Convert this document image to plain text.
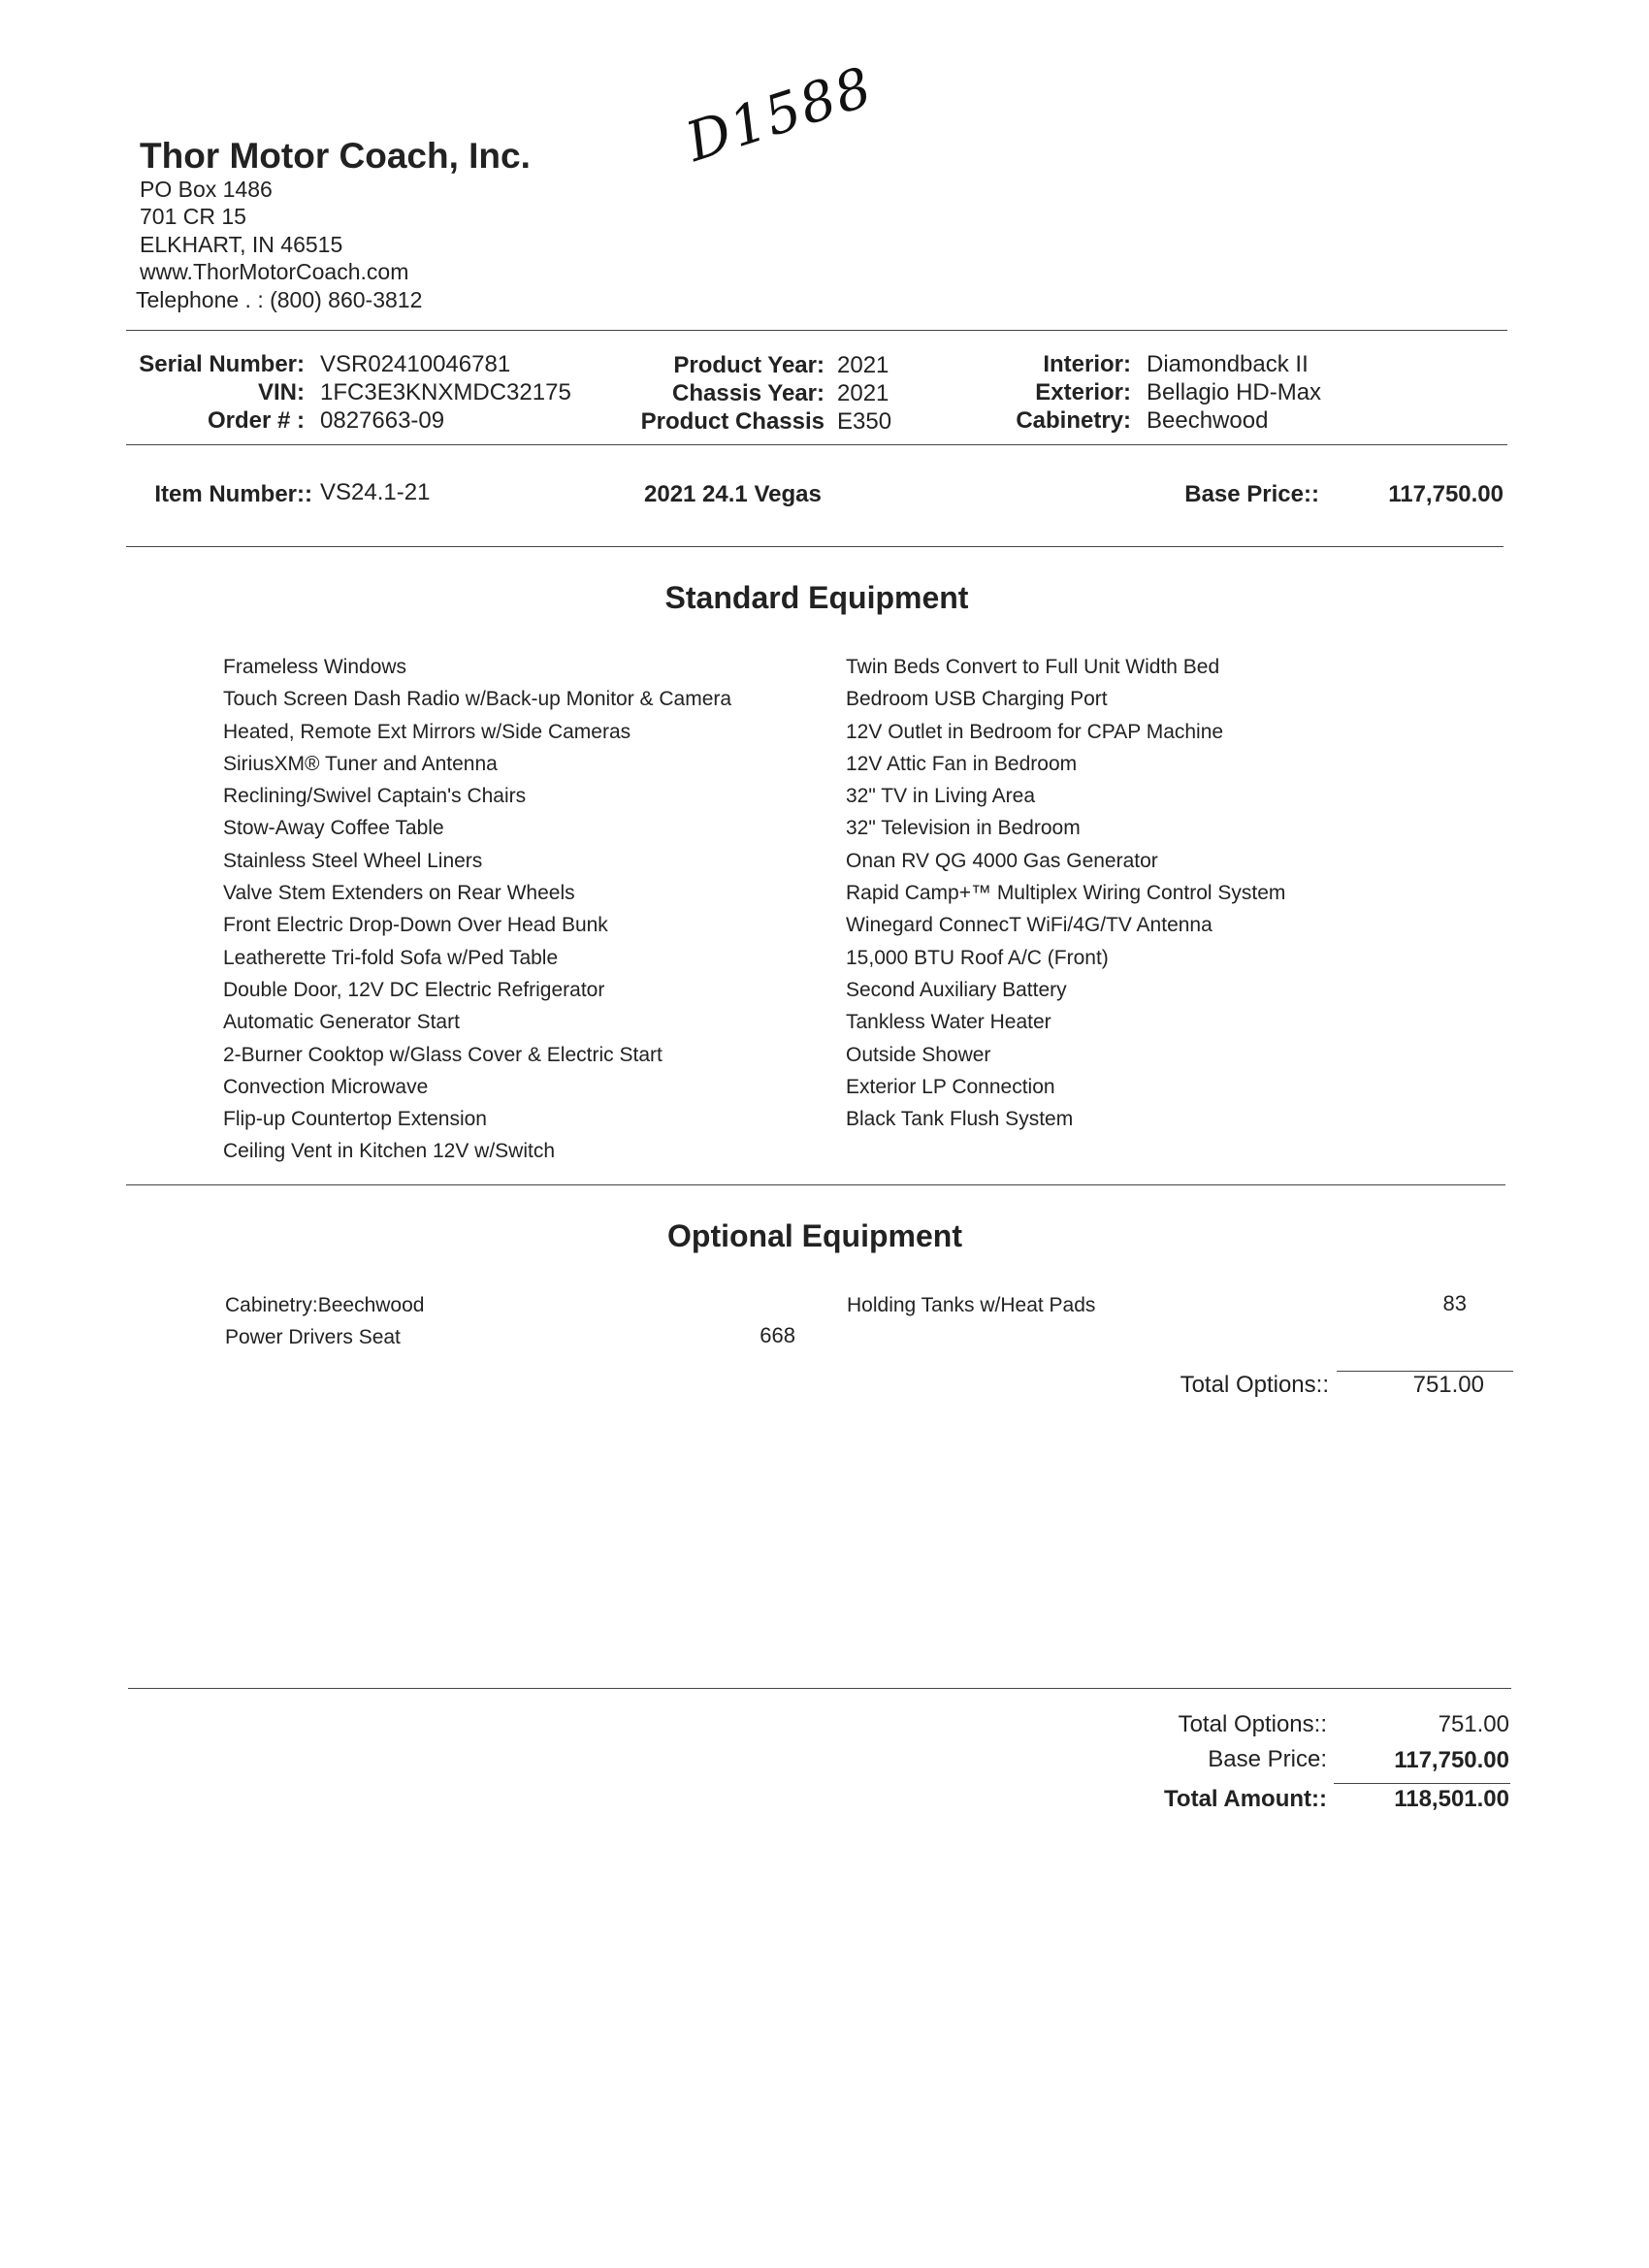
Thor Motor Coach, Inc.
PO Box 1486
701 CR 15
ELKHART, IN 46515
www.ThorMotorCoach.com
Telephone . : (800) 860-3812
D1588
Serial Number: VSR02410046781
VIN: 1FC3E3KNXMDC32175
Order # : 0827663-09
Product Year: 2021
Chassis Year: 2021
Product Chassis E350
Interior: Diamondback II
Exterior: Bellagio HD-Max
Cabinetry: Beechwood
Item Number:: VS24.1-21	2021 24.1 Vegas	Base Price::	117,750.00
Standard Equipment
Frameless Windows
Touch Screen Dash Radio w/Back-up Monitor & Camera
Heated, Remote Ext Mirrors w/Side Cameras
SiriusXM® Tuner and Antenna
Reclining/Swivel Captain's Chairs
Stow-Away Coffee Table
Stainless Steel Wheel Liners
Valve Stem Extenders on Rear Wheels
Front Electric Drop-Down Over Head Bunk
Leatherette Tri-fold Sofa w/Ped Table
Double Door, 12V DC Electric Refrigerator
Automatic Generator Start
2-Burner Cooktop w/Glass Cover & Electric Start
Convection Microwave
Flip-up Countertop Extension
Ceiling Vent in Kitchen 12V w/Switch
Twin Beds Convert to Full Unit Width Bed
Bedroom USB Charging Port
12V Outlet in Bedroom for CPAP Machine
12V Attic Fan in Bedroom
32" TV in Living Area
32" Television in Bedroom
Onan RV QG 4000 Gas Generator
Rapid Camp+™ Multiplex Wiring Control System
Winegard ConnecT WiFi/4G/TV Antenna
15,000 BTU Roof A/C (Front)
Second Auxiliary Battery
Tankless Water Heater
Outside Shower
Exterior LP Connection
Black Tank Flush System
Optional Equipment
Cabinetry:Beechwood
Power Drivers Seat	668
Holding Tanks w/Heat Pads	83
Total Options::	751.00
Total Options::	751.00
Base Price:	117,750.00
Total Amount::	118,501.00
